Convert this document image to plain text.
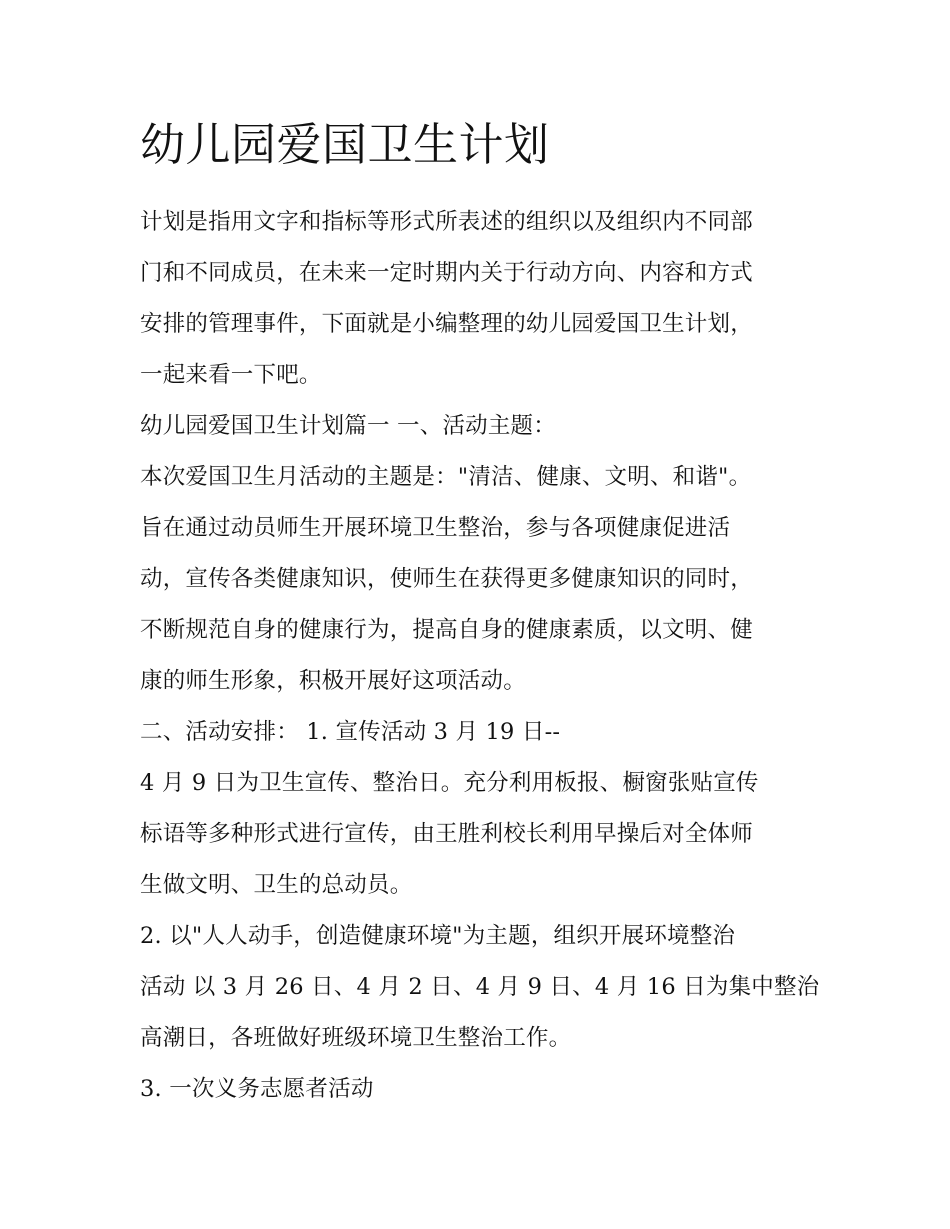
幼儿园爱国卫生计划
计划是指用文字和指标等形式所表述的组织以及组织内不同部
门和不同成员，在未来一定时期内关于行动方向、内容和方式
安排的管理事件，下面就是小编整理的幼儿园爱国卫生计划，
一起来看一下吧。
幼儿园爱国卫生计划篇一 一、活动主题：
本次爱国卫生月活动的主题是："清洁、健康、文明、和谐"。
旨在通过动员师生开展环境卫生整治，参与各项健康促进活
动，宣传各类健康知识，使师生在获得更多健康知识的同时，
不断规范自身的健康行为，提高自身的健康素质，以文明、健
康的师生形象，积极开展好这项活动。
二、活动安排： 1. 宣传活动 3 月 19 日--
4 月 9 日为卫生宣传、整治日。充分利用板报、橱窗张贴宣传
标语等多种形式进行宣传，由王胜利校长利用早操后对全体师
生做文明、卫生的总动员。
2. 以"人人动手，创造健康环境"为主题，组织开展环境整治
活动 以 3 月 26 日、4 月 2 日、4 月 9 日、4 月 16 日为集中整治
高潮日，各班做好班级环境卫生整治工作。
3. 一次义务志愿者活动
